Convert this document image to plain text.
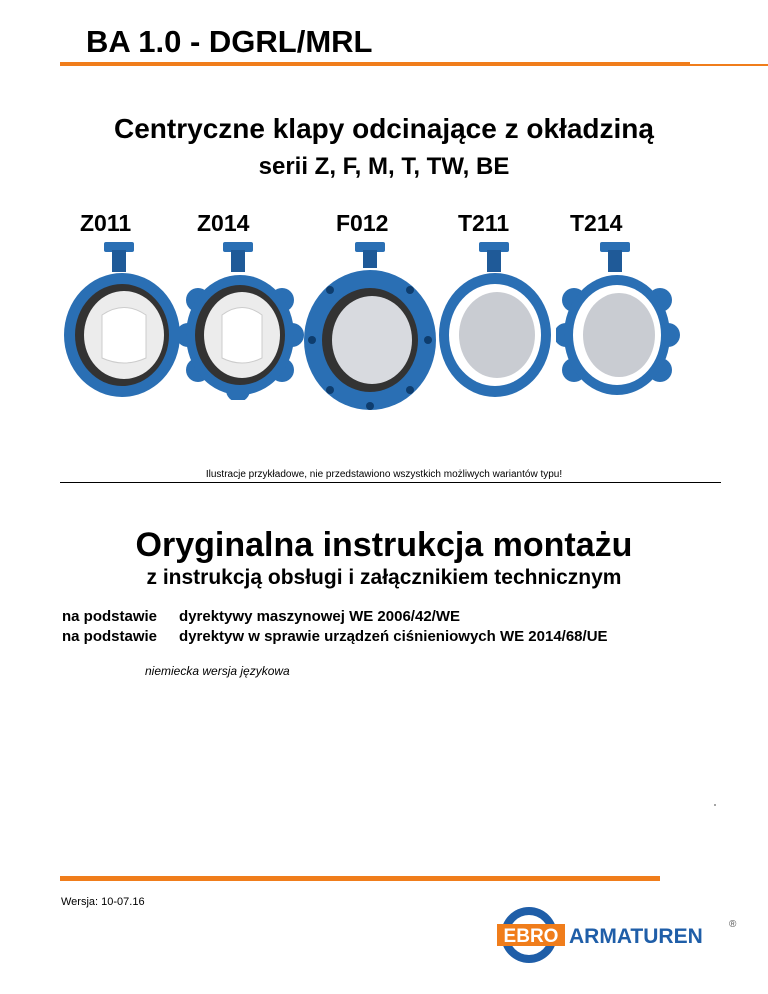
BA 1.0 - DGRL/MRL
Centryczne klapy odcinające z okładziną
serii Z, F, M, T, TW, BE
Z011	Z014	F012	T211	T214
Ilustracje przykładowe, nie przedstawiono wszystkich możliwych wariantów typu!
Oryginalna instrukcja montażu
z instrukcją obsługi i załącznikiem technicznym
na podstawie	dyrektywy maszynowej WE 2006/42/WE
na podstawie	dyrektyw w sprawie urządzeń ciśnieniowych WE 2014/68/UE
niemiecka wersja językowa
Wersja: 10-07.16
EBRO ARMATUREN
®
